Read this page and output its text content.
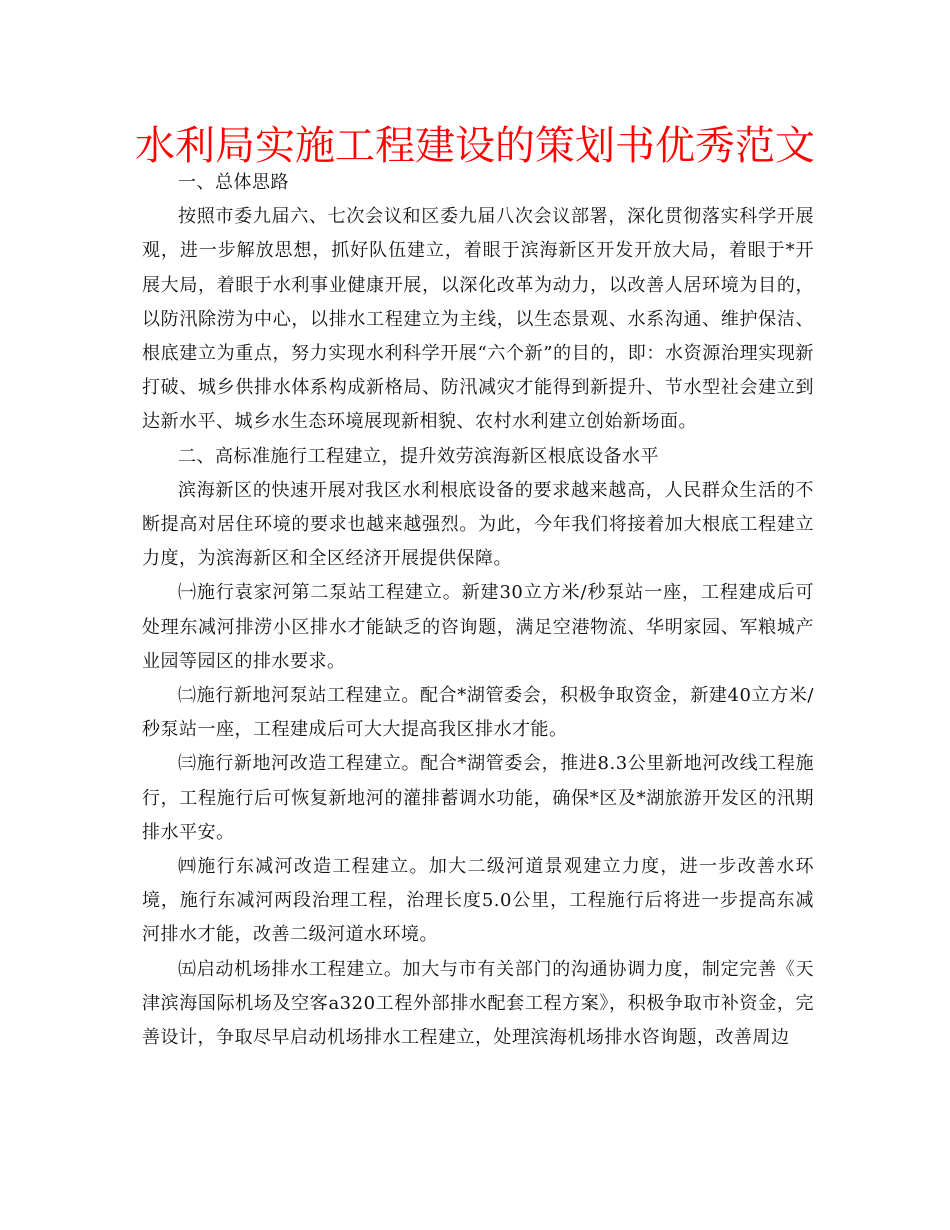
水利局实施工程建设的策划书优秀范文

一、总体思路

按照市委九届六、七次会议和区委九届八次会议部署，深化贯彻落实科学开展观，进一步解放思想，抓好队伍建立，着眼于滨海新区开发开放大局，着眼于*开展大局，着眼于水利事业健康开展，以深化改革为动力，以改善人居环境为目的，以防汛除涝为中心，以排水工程建立为主线，以生态景观、水系沟通、维护保洁、根底建立为重点，努力实现水利科学开展“六个新”的目的，即：水资源治理实现新打破、城乡供排水体系构成新格局、防汛减灾才能得到新提升、节水型社会建立到达新水平、城乡水生态环境展现新相貌、农村水利建立创始新场面。

二、高标准施行工程建立，提升效劳滨海新区根底设备水平

滨海新区的快速开展对我区水利根底设备的要求越来越高，人民群众生活的不断提高对居住环境的要求也越来越强烈。为此，今年我们将接着加大根底工程建立力度，为滨海新区和全区经济开展提供保障。

㈠施行袁家河第二泵站工程建立。新建30立方米/秒泵站一座，工程建成后可处理东减河排涝小区排水才能缺乏的咨询题，满足空港物流、华明家园、军粮城产业园等园区的排水要求。

㈡施行新地河泵站工程建立。配合*湖管委会，积极争取资金，新建40立方米/秒泵站一座，工程建成后可大大提高我区排水才能。

㈢施行新地河改造工程建立。配合*湖管委会，推进8.3公里新地河改线工程施行，工程施行后可恢复新地河的灌排蓄调水功能，确保*区及*湖旅游开发区的汛期排水平安。

㈣施行东减河改造工程建立。加大二级河道景观建立力度，进一步改善水环境，施行东减河两段治理工程，治理长度5.0公里，工程施行后将进一步提高东减河排水才能，改善二级河道水环境。

㈤启动机场排水工程建立。加大与市有关部门的沟通协调力度，制定完善《天津滨海国际机场及空客a320工程外部排水配套工程方案》，积极争取市补资金，完善设计，争取尽早启动机场排水工程建立，处理滨海机场排水咨询题，改善周边
